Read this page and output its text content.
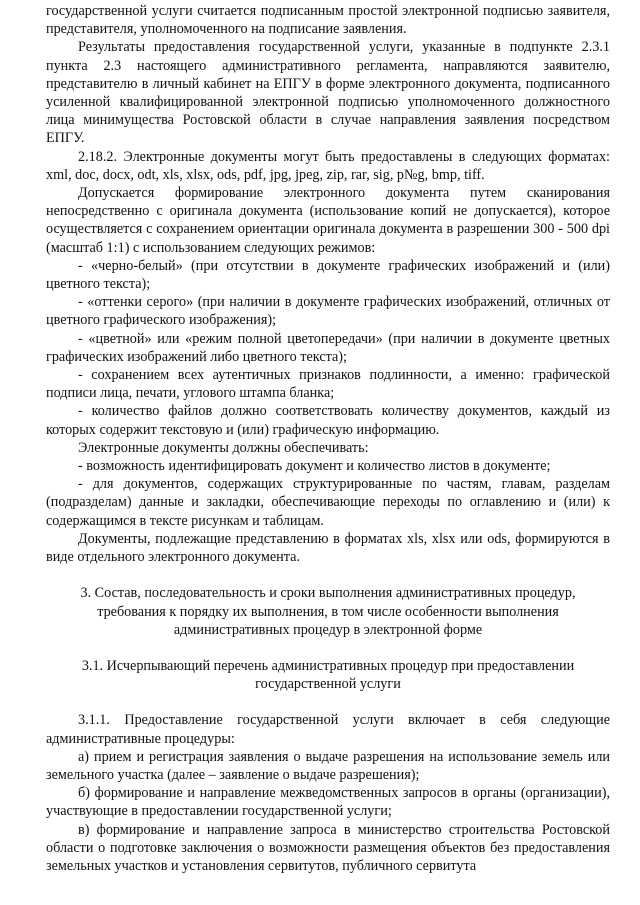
государственной услуги считается подписанным простой электронной подписью заявителя, представителя, уполномоченного на подписание заявления.

Результаты предоставления государственной услуги, указанные в подпункте 2.3.1 пункта 2.3 настоящего административного регламента, направляются заявителю, представителю в личный кабинет на ЕПГУ в форме электронного документа, подписанного усиленной квалифицированной электронной подписью уполномоченного должностного лица минимущества Ростовской области в случае направления заявления посредством ЕПГУ.

2.18.2. Электронные документы могут быть предоставлены в следующих форматах: xml, doc, docx, odt, xls, xlsx, ods, pdf, jpg, jpeg, zip, rar, sig, p№g, bmp, tiff.

Допускается формирование электронного документа путем сканирования непосредственно с оригинала документа (использование копий не допускается), которое осуществляется с сохранением ориентации оригинала документа в разрешении 300 - 500 dpi (масштаб 1:1) с использованием следующих режимов:

- «черно-белый» (при отсутствии в документе графических изображений и (или) цветного текста);

- «оттенки серого» (при наличии в документе графических изображений, отличных от цветного графического изображения);

- «цветной» или «режим полной цветопередачи» (при наличии в документе цветных графических изображений либо цветного текста);

- сохранением всех аутентичных признаков подлинности, а именно: графической подписи лица, печати, углового штампа бланка;

- количество файлов должно соответствовать количеству документов, каждый из которых содержит текстовую и (или) графическую информацию.

Электронные документы должны обеспечивать:

- возможность идентифицировать документ и количество листов в документе;

- для документов, содержащих структурированные по частям, главам, разделам (подразделам) данные и закладки, обеспечивающие переходы по оглавлению и (или) к содержащимся в тексте рисункам и таблицам.

Документы, подлежащие представлению в форматах xls, xlsx или ods, формируются в виде отдельного электронного документа.

3. Состав, последовательность и сроки выполнения административных процедур, требования к порядку их выполнения, в том числе особенности выполнения административных процедур в электронной форме

3.1. Исчерпывающий перечень административных процедур при предоставлении государственной услуги

3.1.1. Предоставление государственной услуги включает в себя следующие административные процедуры:

а) прием и регистрация заявления о выдаче разрешения на использование земель или земельного участка (далее – заявление о выдаче разрешения);

б) формирование и направление межведомственных запросов в органы (организации), участвующие в предоставлении государственной услуги;

в) формирование и направление запроса в министерство строительства Ростовской области о подготовке заключения о возможности размещения объектов без предоставления земельных участков и установления сервитутов, публичного сервитута
